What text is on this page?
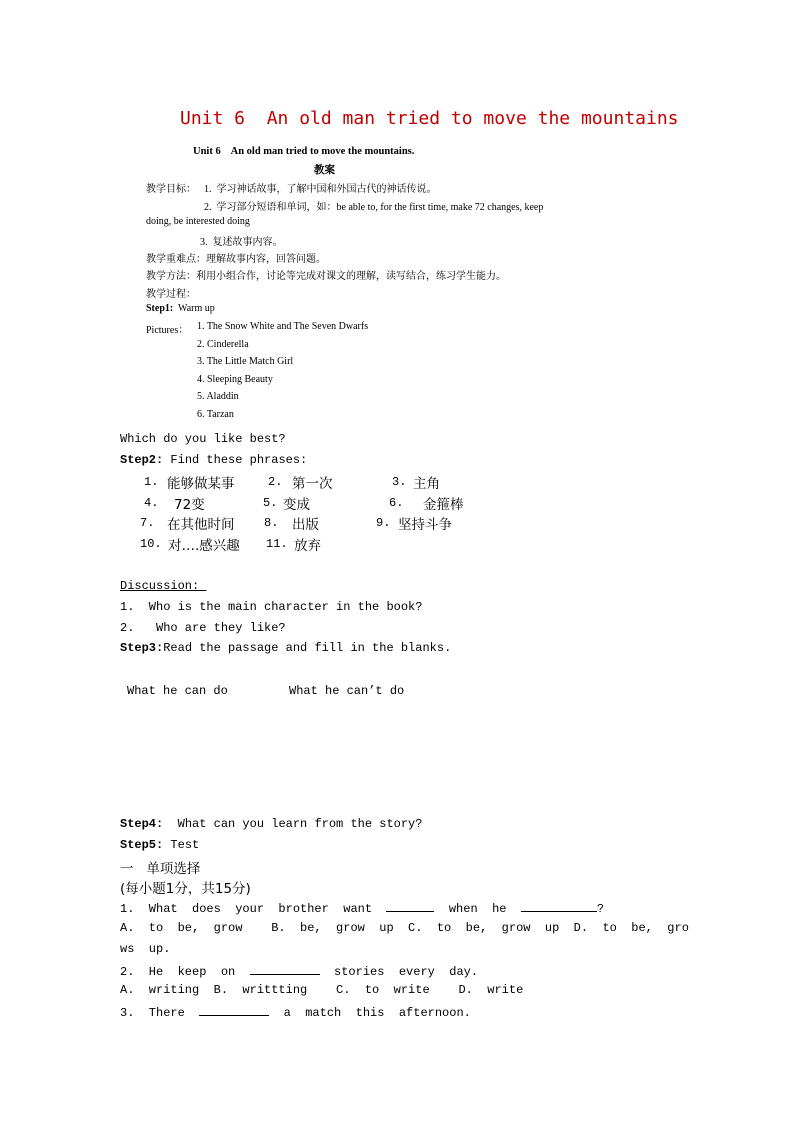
Unit 6  An old man tried to move the mountains
Unit 6    An old man tried to move the mountains.
教案
教学目标： 1.  学习神话故事，了解中国和外国古代的神话传说。
2.  学习部分短语和单词，如：be able to, for the first time, make 72 changes, keep
doing, be interested doing
3.  复述故事内容。
教学重难点：理解故事内容，回答问题。
教学方法：利用小组合作，讨论等完成对课文的理解，读写结合，练习学生能力。
教学过程：
Step1:  Warm up
Pictures： 1. The Snow White and The Seven Dwarfs
2. Cinderella
3. The Little Match Girl
4. Sleeping Beauty
5. Aladdin
6. Tarzan
Which do you like best?
Step2: Find these phrases:
1. 能够做某事	2. 第一次	3. 主角
4. 72变	5. 变成	6. 金箍棒
7. 在其他时间 8. 出版	9. 坚持斗争
10. 对….感兴趣 11. 放弃
Discussion:
1.  Who is the main character in the book?
2.   Who are they like?
Step3:Read the passage and fill in the blanks.
What he can do	What he can’t do
Step4:  What can you learn from the story?
Step5: Test
一   单项选择
(每小题1分，共15分)
1.  What  does  your  brother  want	when  he	?
A.  to  be,  grow    B.  be,  grow  up  C.  to  be,  grow  up  D.  to  be,  gro
ws  up.
2.  He  keep  on	stories  every  day.
A.  writing  B.  writtting    C.  to  write    D.  write
3.  There	a  match  this  afternoon.
